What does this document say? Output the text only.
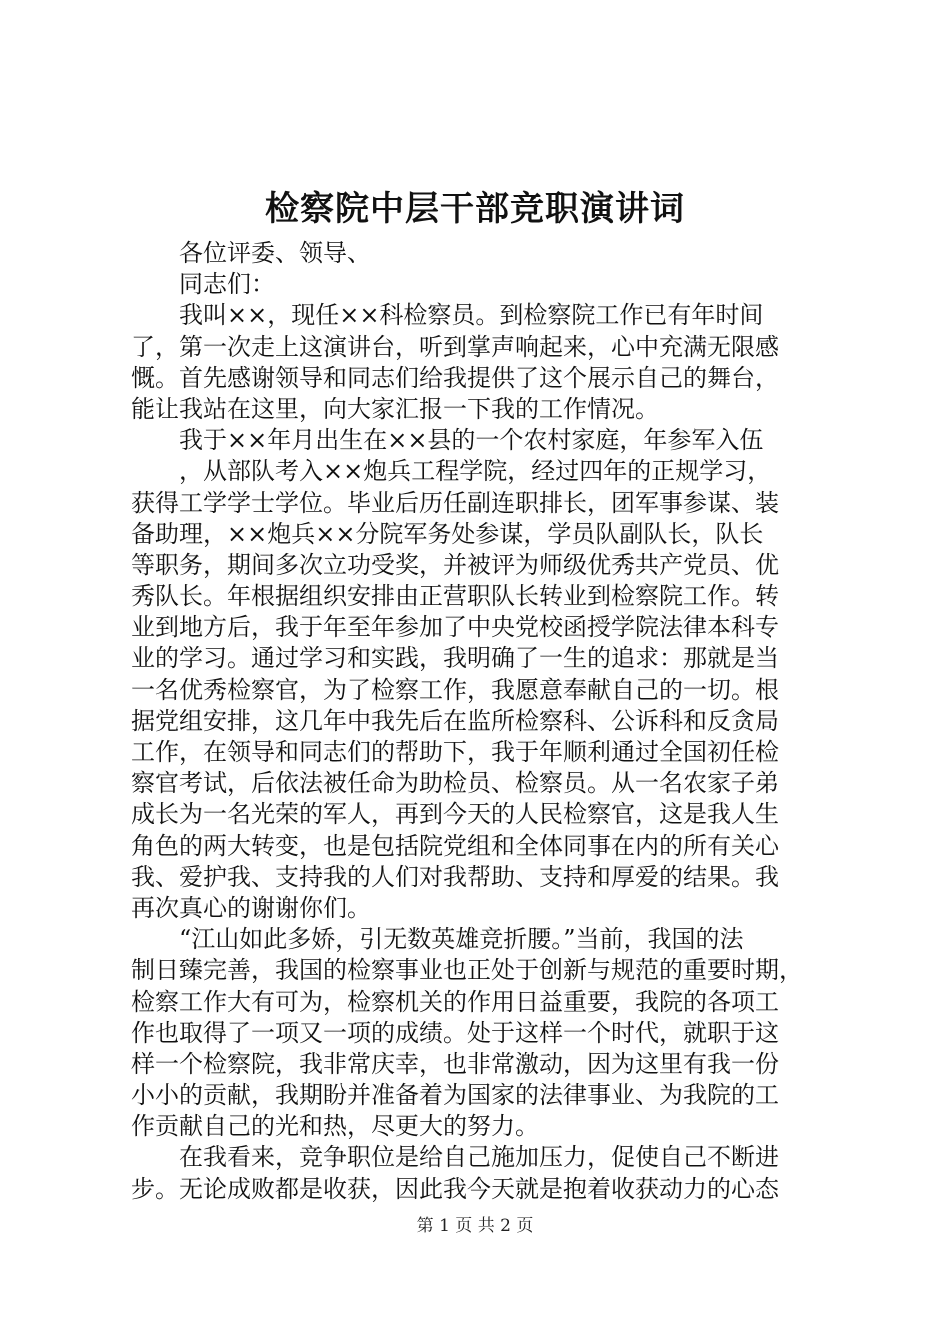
检察院中层干部竞职演讲词
各位评委、领导、
同志们：
我叫××，现任××科检察员。到检察院工作已有年时间
了，第一次走上这演讲台，听到掌声响起来，心中充满无限感
慨。首先感谢领导和同志们给我提供了这个展示自己的舞台，
能让我站在这里，向大家汇报一下我的工作情况。
我于××年月出生在××县的一个农村家庭，年参军入伍
，从部队考入××炮兵工程学院，经过四年的正规学习，
获得工学学士学位。毕业后历任副连职排长，团军事参谋、装
备助理，××炮兵××分院军务处参谋，学员队副队长，队长
等职务，期间多次立功受奖，并被评为师级优秀共产党员、优
秀队长。年根据组织安排由正营职队长转业到检察院工作。转
业到地方后，我于年至年参加了中央党校函授学院法律本科专
业的学习。通过学习和实践，我明确了一生的追求：那就是当
一名优秀检察官，为了检察工作，我愿意奉献自己的一切。根
据党组安排，这几年中我先后在监所检察科、公诉科和反贪局
工作，在领导和同志们的帮助下，我于年顺利通过全国初任检
察官考试，后依法被任命为助检员、检察员。从一名农家子弟
成长为一名光荣的军人，再到今天的人民检察官，这是我人生
角色的两大转变，也是包括院党组和全体同事在内的所有关心
我、爱护我、支持我的人们对我帮助、支持和厚爱的结果。我
再次真心的谢谢你们。
“江山如此多娇，引无数英雄竞折腰。”当前，我国的法
制日臻完善，我国的检察事业也正处于创新与规范的重要时期，
检察工作大有可为，检察机关的作用日益重要，我院的各项工
作也取得了一项又一项的成绩。处于这样一个时代，就职于这
样一个检察院，我非常庆幸，也非常激动，因为这里有我一份
小小的贡献，我期盼并准备着为国家的法律事业、为我院的工
作贡献自己的光和热，尽更大的努力。
在我看来，竞争职位是给自己施加压力，促使自己不断进
步。无论成败都是收获，因此我今天就是抱着收获动力的心态
第 1 页 共 2 页
